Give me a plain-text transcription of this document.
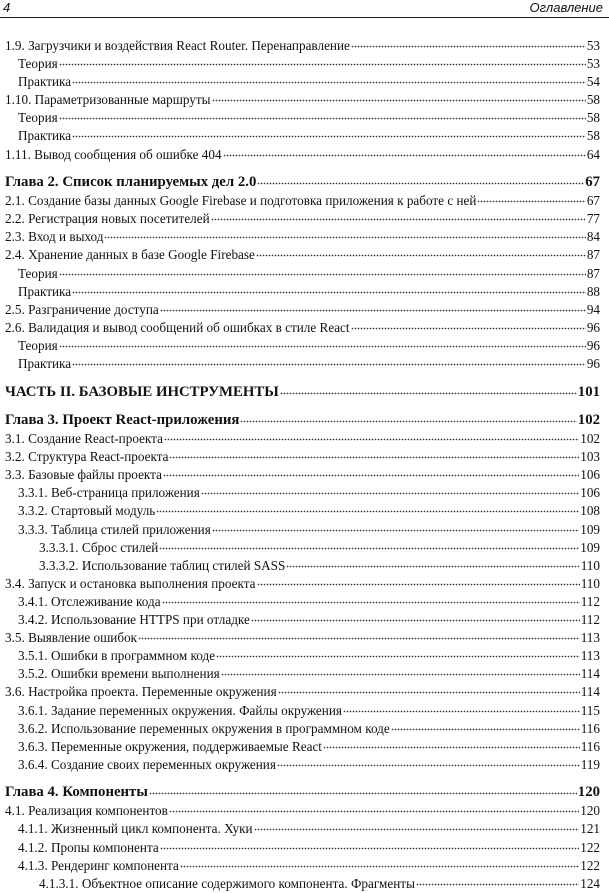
4	Оглавление
1.9. Загрузчики и воздействия React Router. Перенаправление	53
Теория	53
Практика	54
1.10. Параметризованные маршруты	58
Теория	58
Практика	58
1.11. Вывод сообщения об ошибке 404	64
Глава 2. Список планируемых дел 2.0	67
2.1. Создание базы данных Google Firebase и подготовка приложения к работе с ней	67
2.2. Регистрация новых посетителей	77
2.3. Вход и выход	84
2.4. Хранение данных в базе Google Firebase	87
Теория	87
Практика	88
2.5. Разграничение доступа	94
2.6. Валидация и вывод сообщений об ошибках в стиле React	96
Теория	96
Практика	96
ЧАСТЬ II. БАЗОВЫЕ ИНСТРУМЕНТЫ	101
Глава 3. Проект React-приложения	102
3.1. Создание React-проекта	102
3.2. Структура React-проекта	103
3.3. Базовые файлы проекта	106
3.3.1. Веб-страница приложения	106
3.3.2. Стартовый модуль	108
3.3.3. Таблица стилей приложения	109
3.3.3.1. Сброс стилей	109
3.3.3.2. Использование таблиц стилей SASS	110
3.4. Запуск и остановка выполнения проекта	110
3.4.1. Отслеживание кода	112
3.4.2. Использование HTTPS при отладке	112
3.5. Выявление ошибок	113
3.5.1. Ошибки в программном коде	113
3.5.2. Ошибки времени выполнения	114
3.6. Настройка проекта. Переменные окружения	114
3.6.1. Задание переменных окружения. Файлы окружения	115
3.6.2. Использование переменных окружения в программном коде	116
3.6.3. Переменные окружения, поддерживаемые React	116
3.6.4. Создание своих переменных окружения	119
Глава 4. Компоненты	120
4.1. Реализация компонентов	120
4.1.1. Жизненный цикл компонента. Хуки	121
4.1.2. Пропы компонента	122
4.1.3. Рендеринг компонента	122
4.1.3.1. Объектное описание содержимого компонента. Фрагменты	124
